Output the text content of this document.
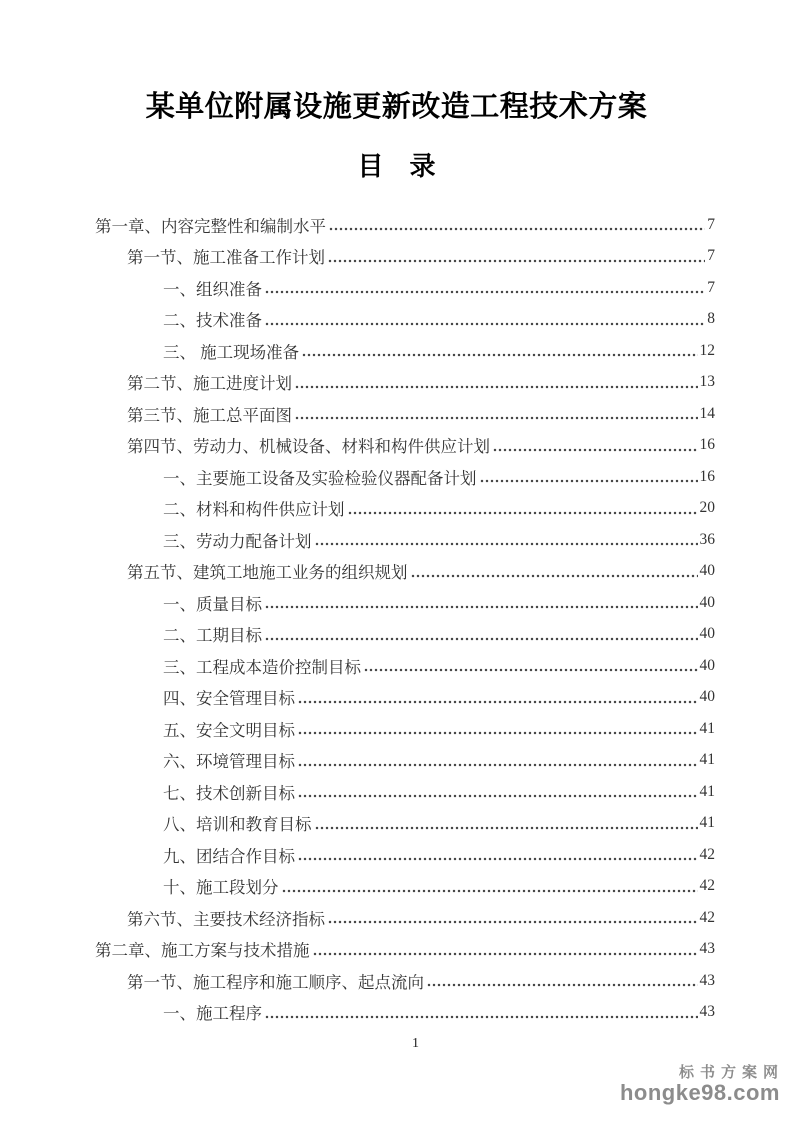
某单位附属设施更新改造工程技术方案
目　录
第一章、内容完整性和编制水平	7
第一节、施工准备工作计划	7
一、组织准备	7
二、技术准备	8
三、 施工现场准备	12
第二节、施工进度计划	13
第三节、施工总平面图	14
第四节、劳动力、机械设备、材料和构件供应计划	16
一、主要施工设备及实验检验仪器配备计划	16
二、材料和构件供应计划	20
三、劳动力配备计划	36
第五节、建筑工地施工业务的组织规划	40
一、质量目标	40
二、工期目标	40
三、工程成本造价控制目标	40
四、安全管理目标	40
五、安全文明目标	41
六、环境管理目标	41
七、技术创新目标	41
八、培训和教育目标	41
九、团结合作目标	42
十、施工段划分	42
第六节、主要技术经济指标	42
第二章、施工方案与技术措施	43
第一节、施工程序和施工顺序、起点流向	43
一、施工程序	43
1
标书方案网
hongke98.com
